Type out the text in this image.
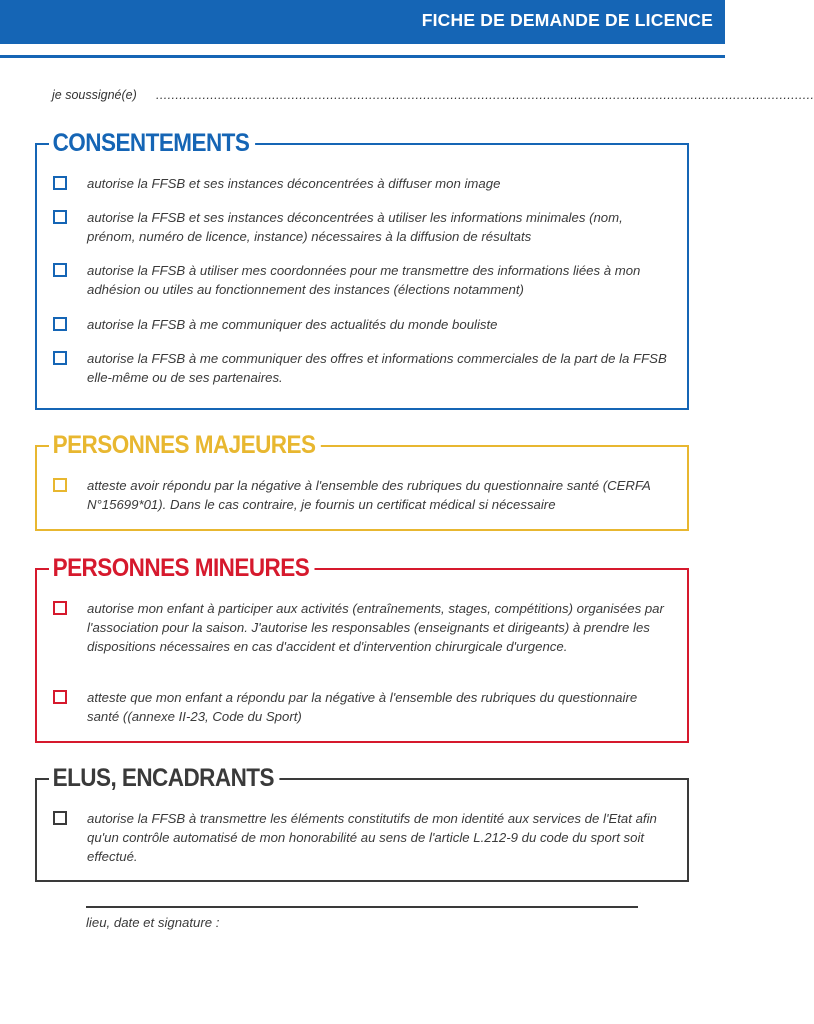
FICHE DE DEMANDE DE LICENCE
je soussigné(e) ..........................................................................................................................................................................
CONSENTEMENTS
autorise la FFSB et ses instances déconcentrées à diffuser mon image
autorise la FFSB et ses instances déconcentrées à utiliser les informations minimales (nom, prénom, numéro de licence, instance) nécessaires à la diffusion de résultats
autorise la FFSB à utiliser mes coordonnées pour me transmettre des informations liées à mon adhésion ou utiles au fonctionnement des instances (élections notamment)
autorise la FFSB à me communiquer des actualités du monde bouliste
autorise la FFSB à me communiquer des offres et informations commerciales de la part de la FFSB elle-même ou de ses partenaires.
PERSONNES MAJEURES
atteste avoir répondu par la négative à l'ensemble des rubriques du questionnaire santé (CERFA N°15699*01). Dans le cas contraire, je fournis un certificat médical si nécessaire
PERSONNES MINEURES
autorise mon enfant à participer aux activités (entraînements, stages, compétitions) organisées par l'association pour la saison. J'autorise les responsables (enseignants et dirigeants) à prendre les dispositions nécessaires en cas d'accident et d'intervention chirurgicale d'urgence.
atteste que mon enfant a répondu par la négative à l'ensemble des rubriques du questionnaire santé ((annexe II-23, Code du Sport)
ELUS, ENCADRANTS
autorise la FFSB à transmettre les éléments constitutifs de mon identité aux services de l'Etat afin qu'un contrôle automatisé de mon honorabilité au sens de l'article L.212-9 du code du sport soit effectué.
lieu, date et signature :
